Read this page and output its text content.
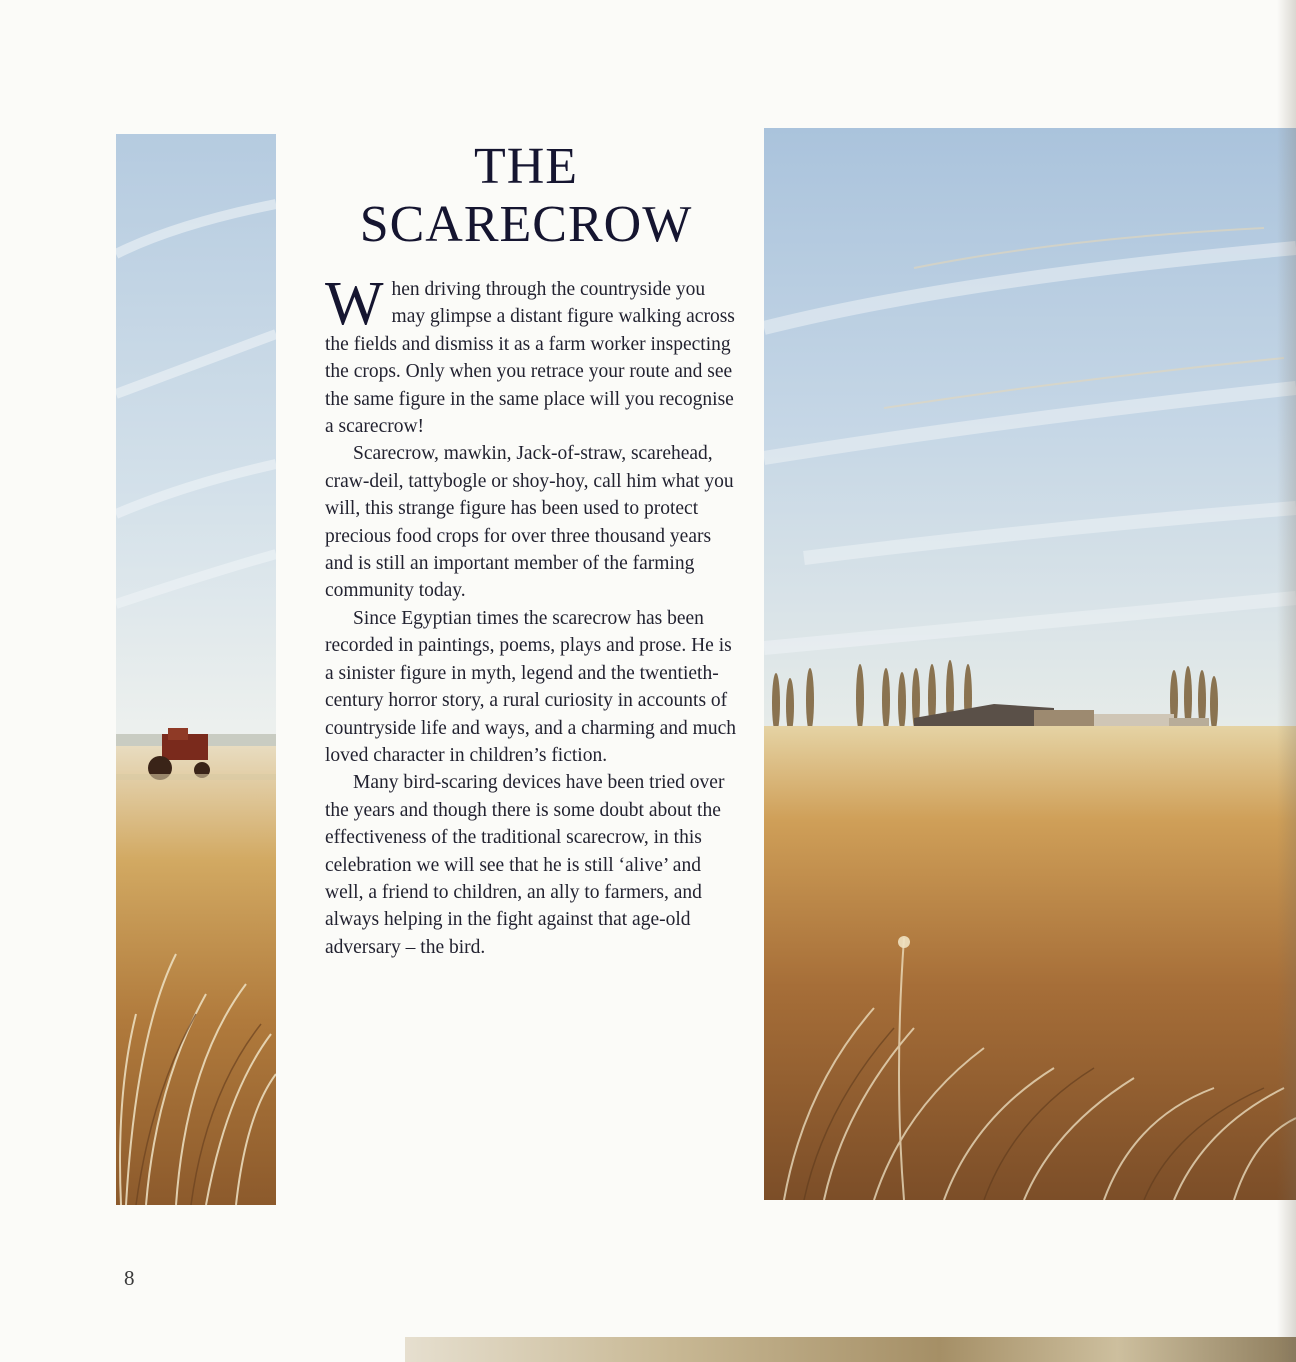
THE
SCARECROW

When driving through the countryside you may glimpse a distant figure walking across the fields and dismiss it as a farm worker inspecting the crops. Only when you retrace your route and see the same figure in the same place will you recognise a scarecrow!

Scarecrow, mawkin, Jack-of-straw, scarehead, craw-deil, tattybogle or shoy-hoy, call him what you will, this strange figure has been used to protect precious food crops for over three thousand years and is still an important member of the farming community today.

Since Egyptian times the scarecrow has been recorded in paintings, poems, plays and prose. He is a sinister figure in myth, legend and the twentieth-century horror story, a rural curiosity in accounts of countryside life and ways, and a charming and much loved character in children’s fiction.

Many bird-scaring devices have been tried over the years and though there is some doubt about the effectiveness of the traditional scarecrow, in this celebration we will see that he is still ‘alive’ and well, a friend to children, an ally to farmers, and always helping in the fight against that age-old adversary – the bird.

8
